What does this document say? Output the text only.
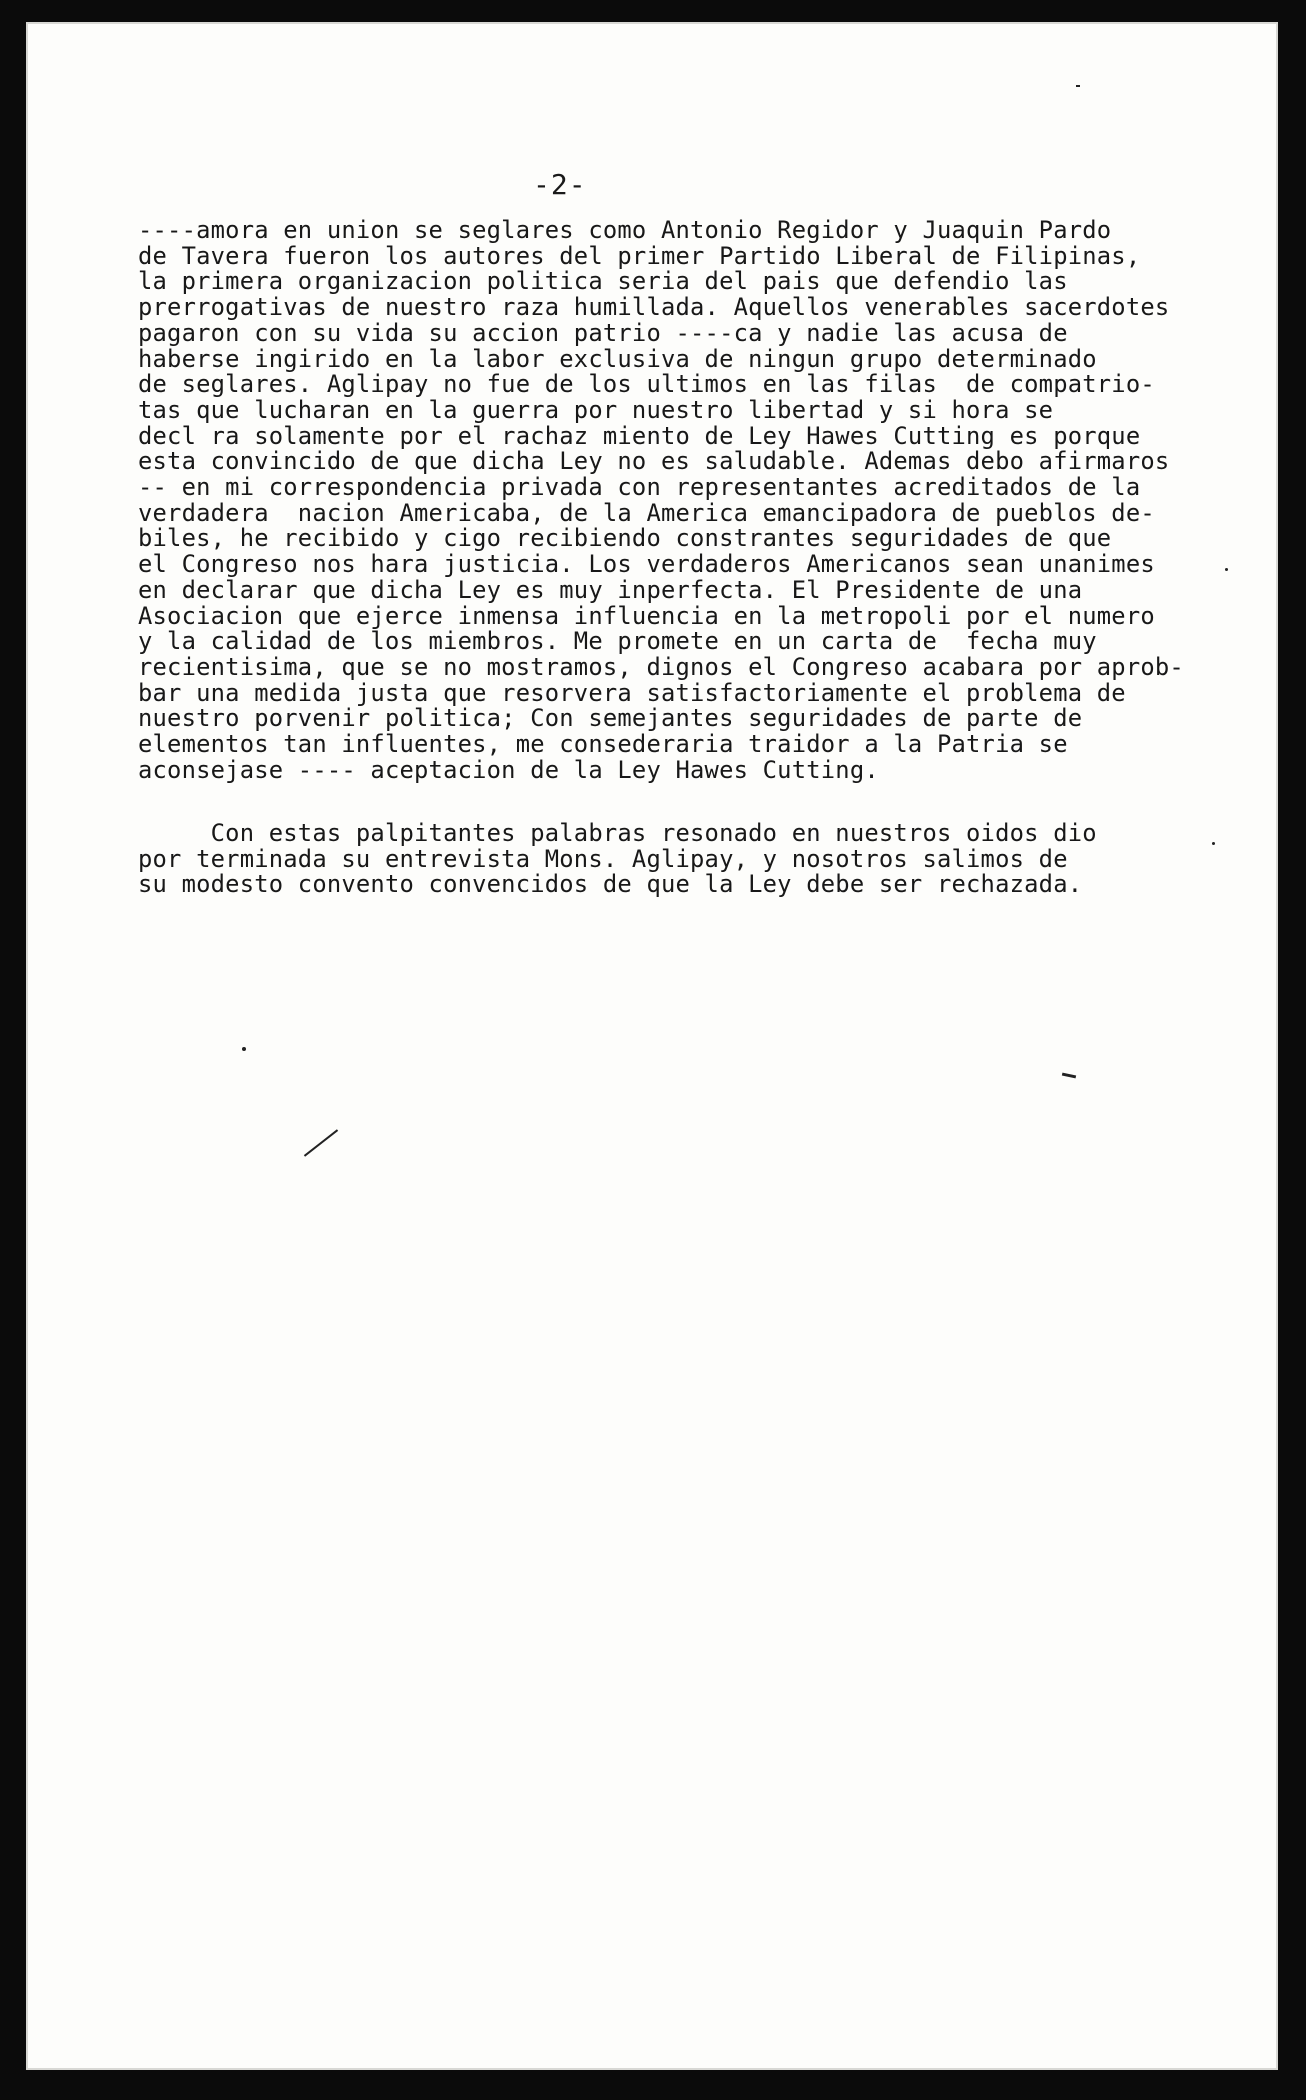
-2-
----amora en union se seglares como Antonio Regidor y Juaquin Pardo
de Tavera fueron los autores del primer Partido Liberal de Filipinas,
la primera organizacion politica seria del pais que defendio las
prerrogativas de nuestro raza humillada. Aquellos venerables sacerdotes
pagaron con su vida su accion patrio ----ca y nadie las acusa de
haberse ingirido en la labor exclusiva de ningun grupo determinado
de seglares. Aglipay no fue de los ultimos en las filas  de compatrio-
tas que lucharan en la guerra por nuestro libertad y si hora se
decl ra solamente por el rachaz miento de Ley Hawes Cutting es porque
esta convincido de que dicha Ley no es saludable. Ademas debo afirmaros
-- en mi correspondencia privada con representantes acreditados de la
verdadera  nacion Americaba, de la America emancipadora de pueblos de-
biles, he recibido y cigo recibiendo constrantes seguridades de que
el Congreso nos hara justicia. Los verdaderos Americanos sean unanimes
en declarar que dicha Ley es muy inperfecta. El Presidente de una
Asociacion que ejerce inmensa influencia en la metropoli por el numero
y la calidad de los miembros. Me promete en un carta de  fecha muy
recientisima, que se no mostramos, dignos el Congreso acabara por aprob-
bar una medida justa que resorvera satisfactoriamente el problema de
nuestro porvenir politica; Con semejantes seguridades de parte de
elementos tan influentes, me consederaria traidor a la Patria se
aconsejase ---- aceptacion de la Ley Hawes Cutting.
Con estas palpitantes palabras resonado en nuestros oidos dio
por terminada su entrevista Mons. Aglipay, y nosotros salimos de
su modesto convento convencidos de que la Ley debe ser rechazada.
